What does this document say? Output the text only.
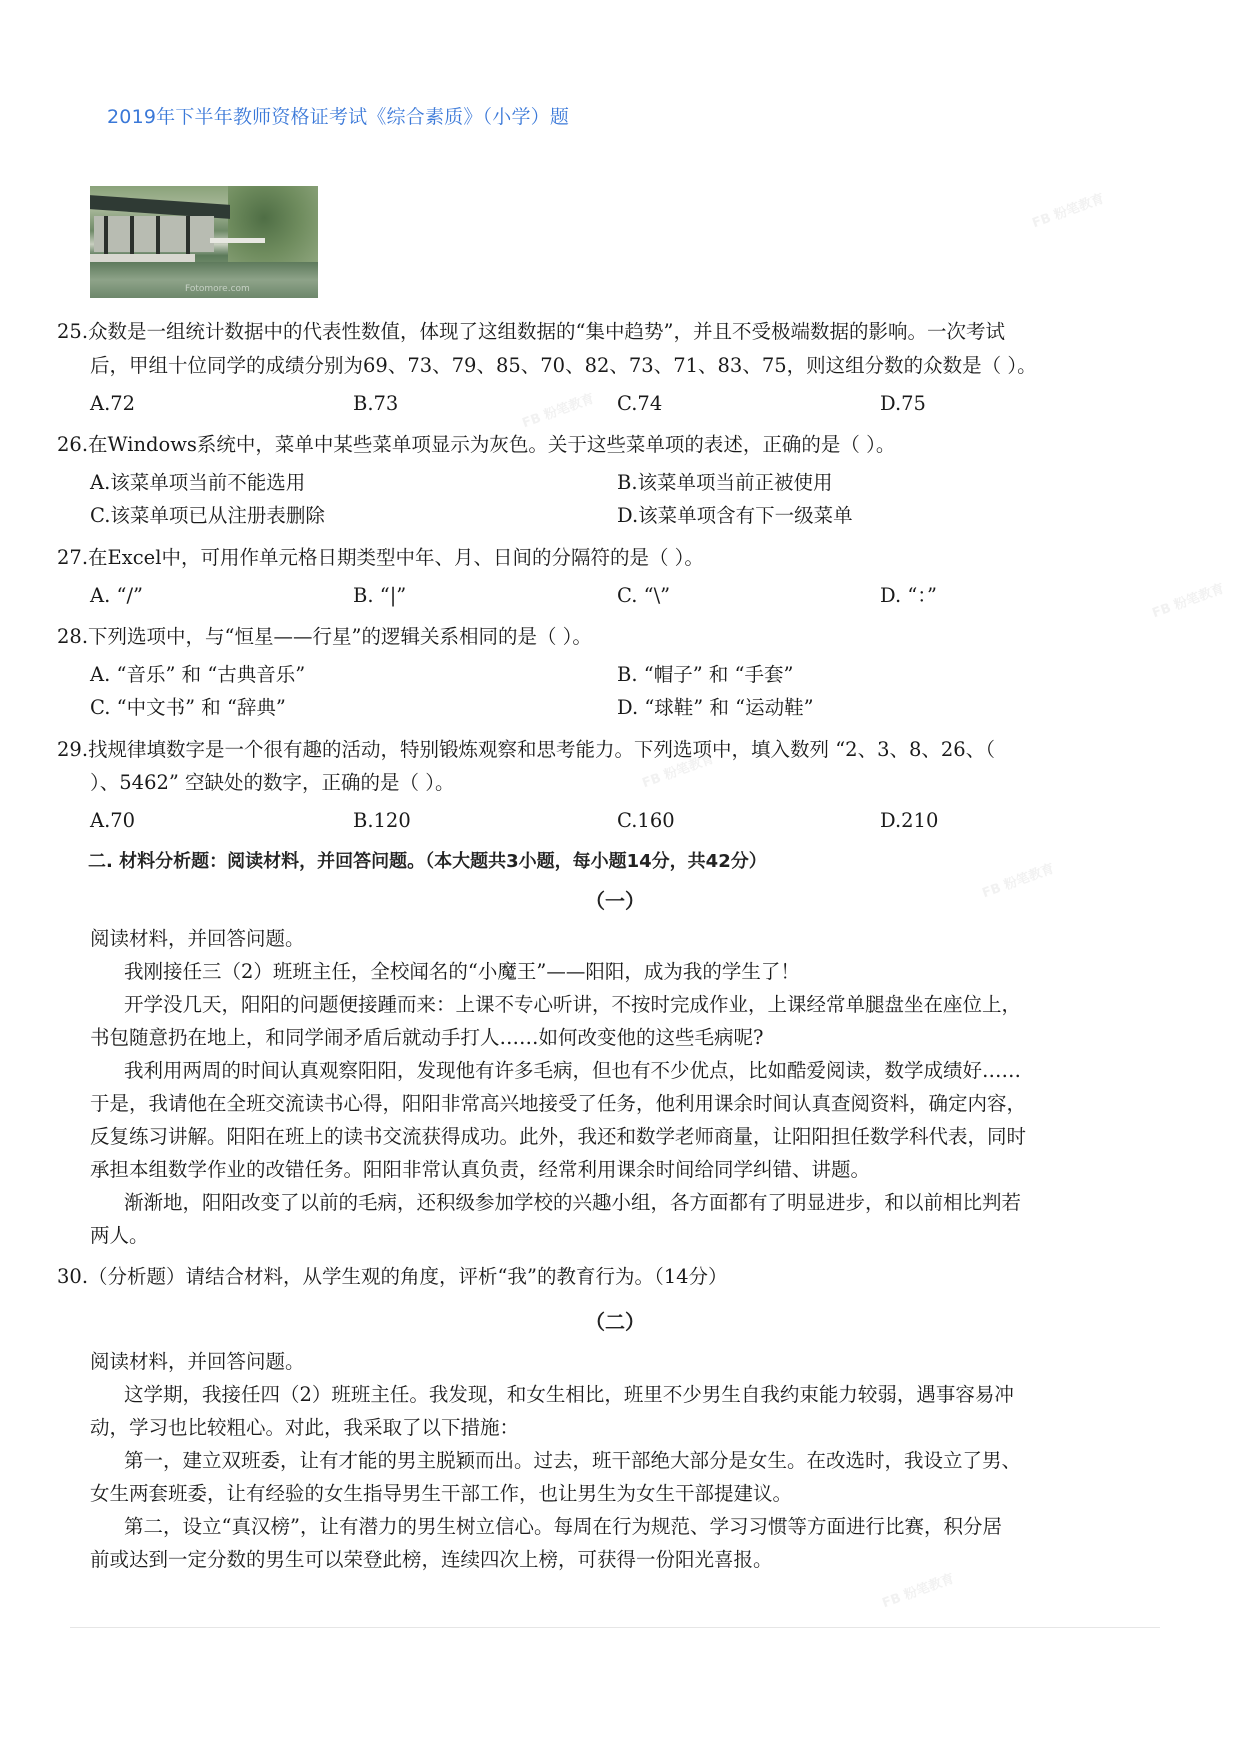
2019年下半年教师资格证考试《综合素质》（小学）题
Fotomore.com
25.众数是一组统计数据中的代表性数值，体现了这组数据的“集中趋势”，并且不受极端数据的影响。一次考试
后，甲组十位同学的成绩分别为69、73、79、85、70、82、73、71、83、75，则这组分数的众数是（ ）。
A.72	B.73	C.74	D.75
26.在Windows系统中，菜单中某些菜单项显示为灰色。关于这些菜单项的表述，正确的是（ ）。
A.该菜单项当前不能选用	B.该菜单项当前正被使用
C.该菜单项已从注册表删除	D.该菜单项含有下一级菜单
27.在Excel中，可用作单元格日期类型中年、月、日间的分隔符的是（ ）。
A. “/”	B. “|”	C. “\”	D. “：”
28.下列选项中，与“恒星——行星”的逻辑关系相同的是（ ）。
A. “音乐” 和 “古典音乐”	B. “帽子” 和 “手套”
C. “中文书” 和 “辞典”	D. “球鞋” 和 “运动鞋”
29.找规律填数字是一个很有趣的活动，特别锻炼观察和思考能力。下列选项中，填入数列 “2、3、8、26、（
）、5462” 空缺处的数字，正确的是（ ）。
A.70	B.120	C.160	D.210
二. 材料分析题：阅读材料，并回答问题。（本大题共3小题，每小题14分，共42分）
（一）
阅读材料，并回答问题。
我刚接任三（2）班班主任，全校闻名的“小魔王”——阳阳，成为我的学生了！
开学没几天，阳阳的问题便接踵而来：上课不专心听讲，不按时完成作业，上课经常单腿盘坐在座位上，
书包随意扔在地上，和同学闹矛盾后就动手打人……如何改变他的这些毛病呢?
我利用两周的时间认真观察阳阳，发现他有许多毛病，但也有不少优点，比如酷爱阅读，数学成绩好……
于是，我请他在全班交流读书心得，阳阳非常高兴地接受了任务，他利用课余时间认真查阅资料，确定内容，
反复练习讲解。阳阳在班上的读书交流获得成功。此外，我还和数学老师商量，让阳阳担任数学科代表，同时
承担本组数学作业的改错任务。阳阳非常认真负责，经常利用课余时间给同学纠错、讲题。
渐渐地，阳阳改变了以前的毛病，还积级参加学校的兴趣小组，各方面都有了明显进步，和以前相比判若
两人。
30.（分析题）请结合材料，从学生观的角度，评析“我”的教育行为。（14分）
（二）
阅读材料，并回答问题。
这学期，我接任四（2）班班主任。我发现，和女生相比，班里不少男生自我约束能力较弱，遇事容易冲
动，学习也比较粗心。对此，我采取了以下措施：
第一，建立双班委，让有才能的男主脱颖而出。过去，班干部绝大部分是女生。在改选时，我设立了男、
女生两套班委，让有经验的女生指导男生干部工作，也让男生为女生干部提建议。
第二，设立“真汉榜”，让有潜力的男生树立信心。每周在行为规范、学习习惯等方面进行比赛，积分居
前或达到一定分数的男生可以荣登此榜，连续四次上榜，可获得一份阳光喜报。
FB 粉笔教育
FB 粉笔教育
FB 粉笔教育
FB 粉笔教育
FB 粉笔教育
FB 粉笔教育
